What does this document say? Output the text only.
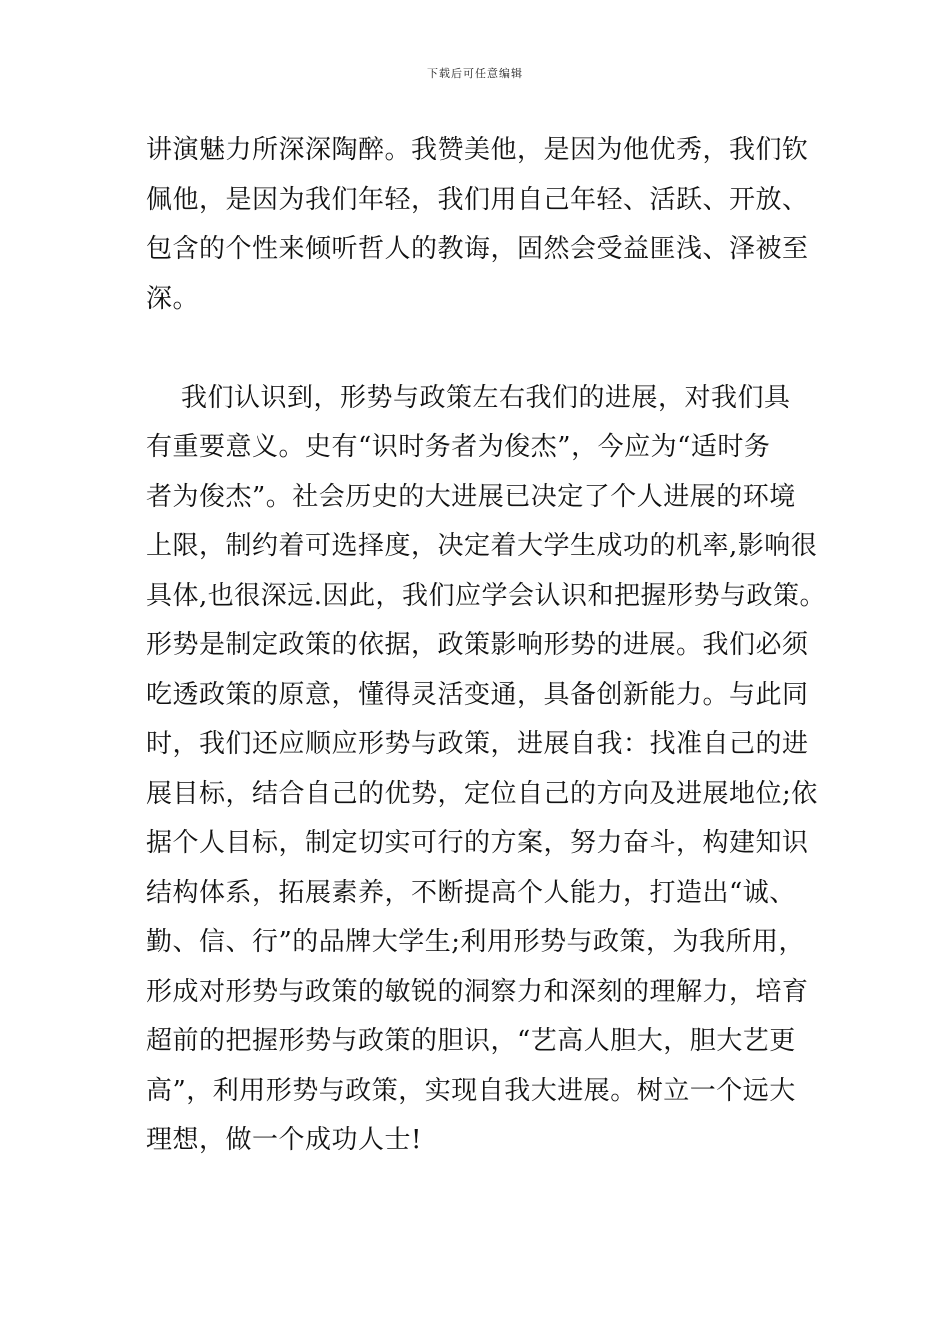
下载后可任意编辑
讲演魅力所深深陶醉。我赞美他，是因为他优秀，我们钦
佩他，是因为我们年轻，我们用自己年轻、活跃、开放、
包含的个性来倾听哲人的教诲，固然会受益匪浅、泽被至
深。
我们认识到，形势与政策左右我们的进展，对我们具
有重要意义。史有“识时务者为俊杰”，今应为“适时务
者为俊杰”。社会历史的大进展已决定了个人进展的环境
上限，制约着可选择度，决定着大学生成功的机率,影响很
具体,也很深远.因此，我们应学会认识和把握形势与政策。
形势是制定政策的依据，政策影响形势的进展。我们必须
吃透政策的原意，懂得灵活变通，具备创新能力。与此同
时，我们还应顺应形势与政策，进展自我：找准自己的进
展目标，结合自己的优势，定位自己的方向及进展地位;依
据个人目标，制定切实可行的方案，努力奋斗，构建知识
结构体系，拓展素养，不断提高个人能力，打造出“诚、
勤、信、行”的品牌大学生;利用形势与政策，为我所用，
形成对形势与政策的敏锐的洞察力和深刻的理解力，培育
超前的把握形势与政策的胆识，“艺高人胆大，胆大艺更
高”，利用形势与政策，实现自我大进展。树立一个远大
理想，做一个成功人士!
